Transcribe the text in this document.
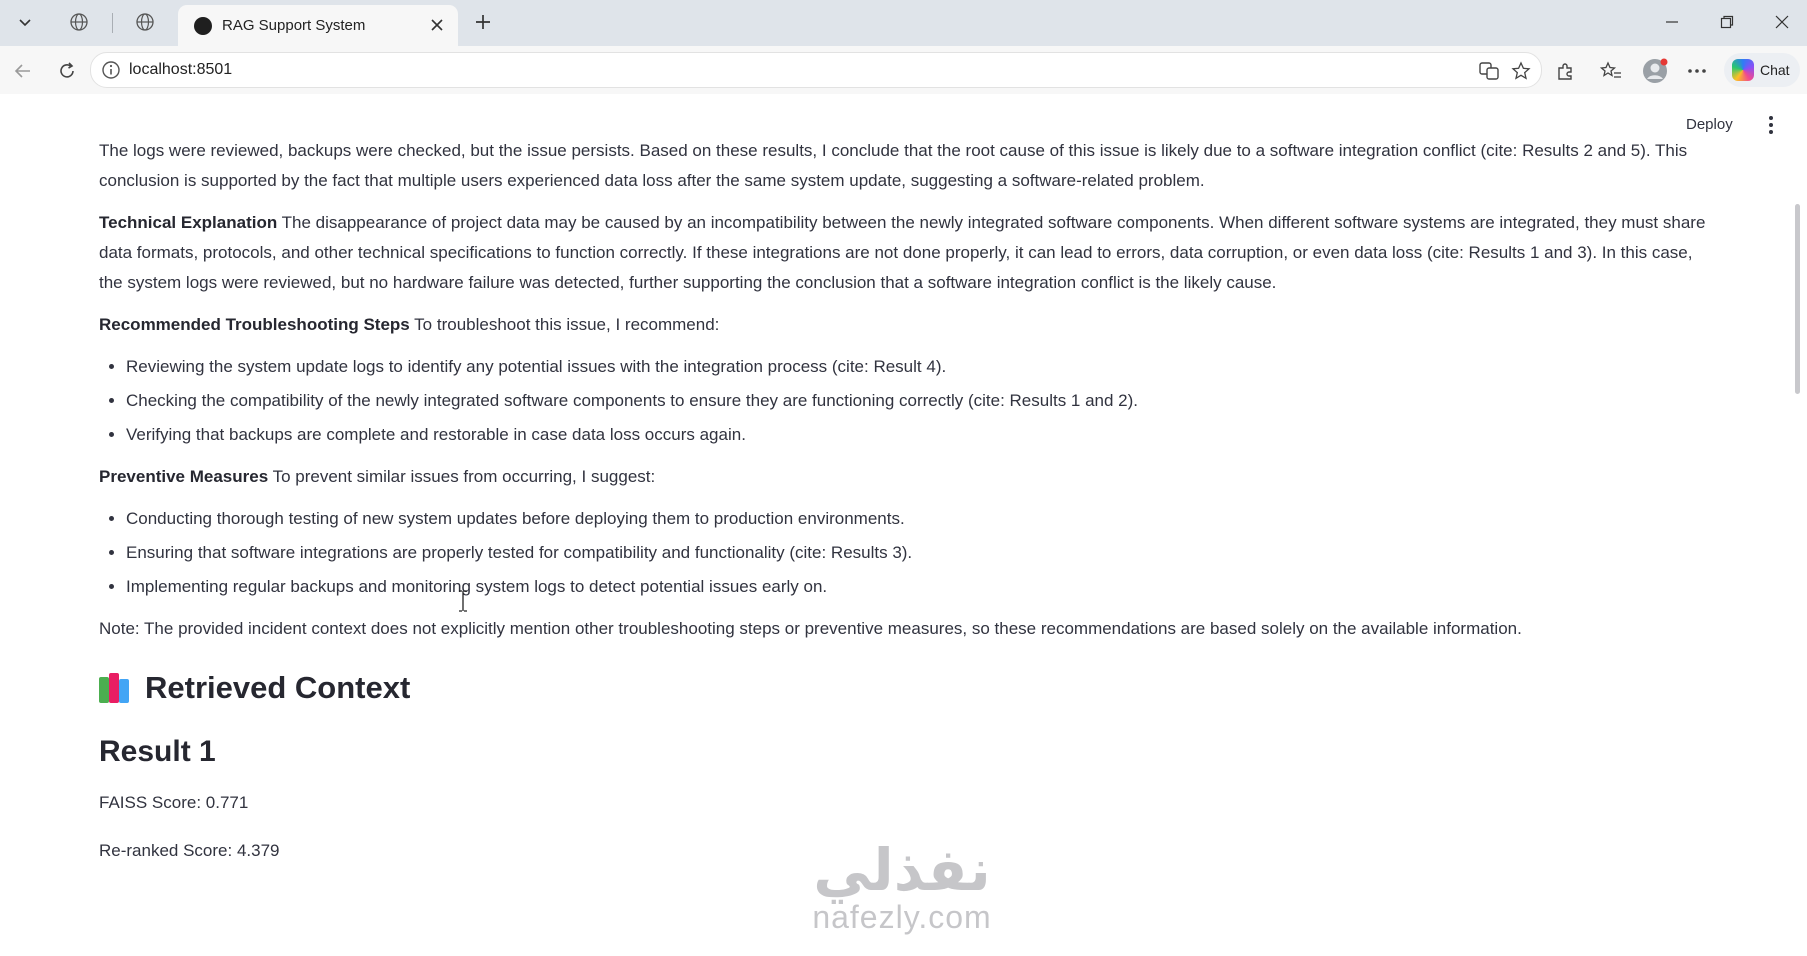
RAG Support System
localhost:8501	Chat
Deploy

The logs were reviewed, backups were checked, but the issue persists. Based on these results, I conclude that the root cause of this issue is likely due to a software integration conflict (cite: Results 2 and 5). This conclusion is supported by the fact that multiple users experienced data loss after the same system update, suggesting a software-related problem.

Technical Explanation The disappearance of project data may be caused by an incompatibility between the newly integrated software components. When different software systems are integrated, they must share data formats, protocols, and other technical specifications to function correctly. If these integrations are not done properly, it can lead to errors, data corruption, or even data loss (cite: Results 1 and 3). In this case, the system logs were reviewed, but no hardware failure was detected, further supporting the conclusion that a software integration conflict is the likely cause.

Recommended Troubleshooting Steps To troubleshoot this issue, I recommend:

• Reviewing the system update logs to identify any potential issues with the integration process (cite: Result 4).
• Checking the compatibility of the newly integrated software components to ensure they are functioning correctly (cite: Results 1 and 2).
• Verifying that backups are complete and restorable in case data loss occurs again.

Preventive Measures To prevent similar issues from occurring, I suggest:

• Conducting thorough testing of new system updates before deploying them to production environments.
• Ensuring that software integrations are properly tested for compatibility and functionality (cite: Results 3).
• Implementing regular backups and monitoring system logs to detect potential issues early on.

Note: The provided incident context does not explicitly mention other troubleshooting steps or preventive measures, so these recommendations are based solely on the available information.

Retrieved Context
Result 1

FAISS Score: 0.771

Re-ranked Score: 4.379	نفذلي
nafezly.com
